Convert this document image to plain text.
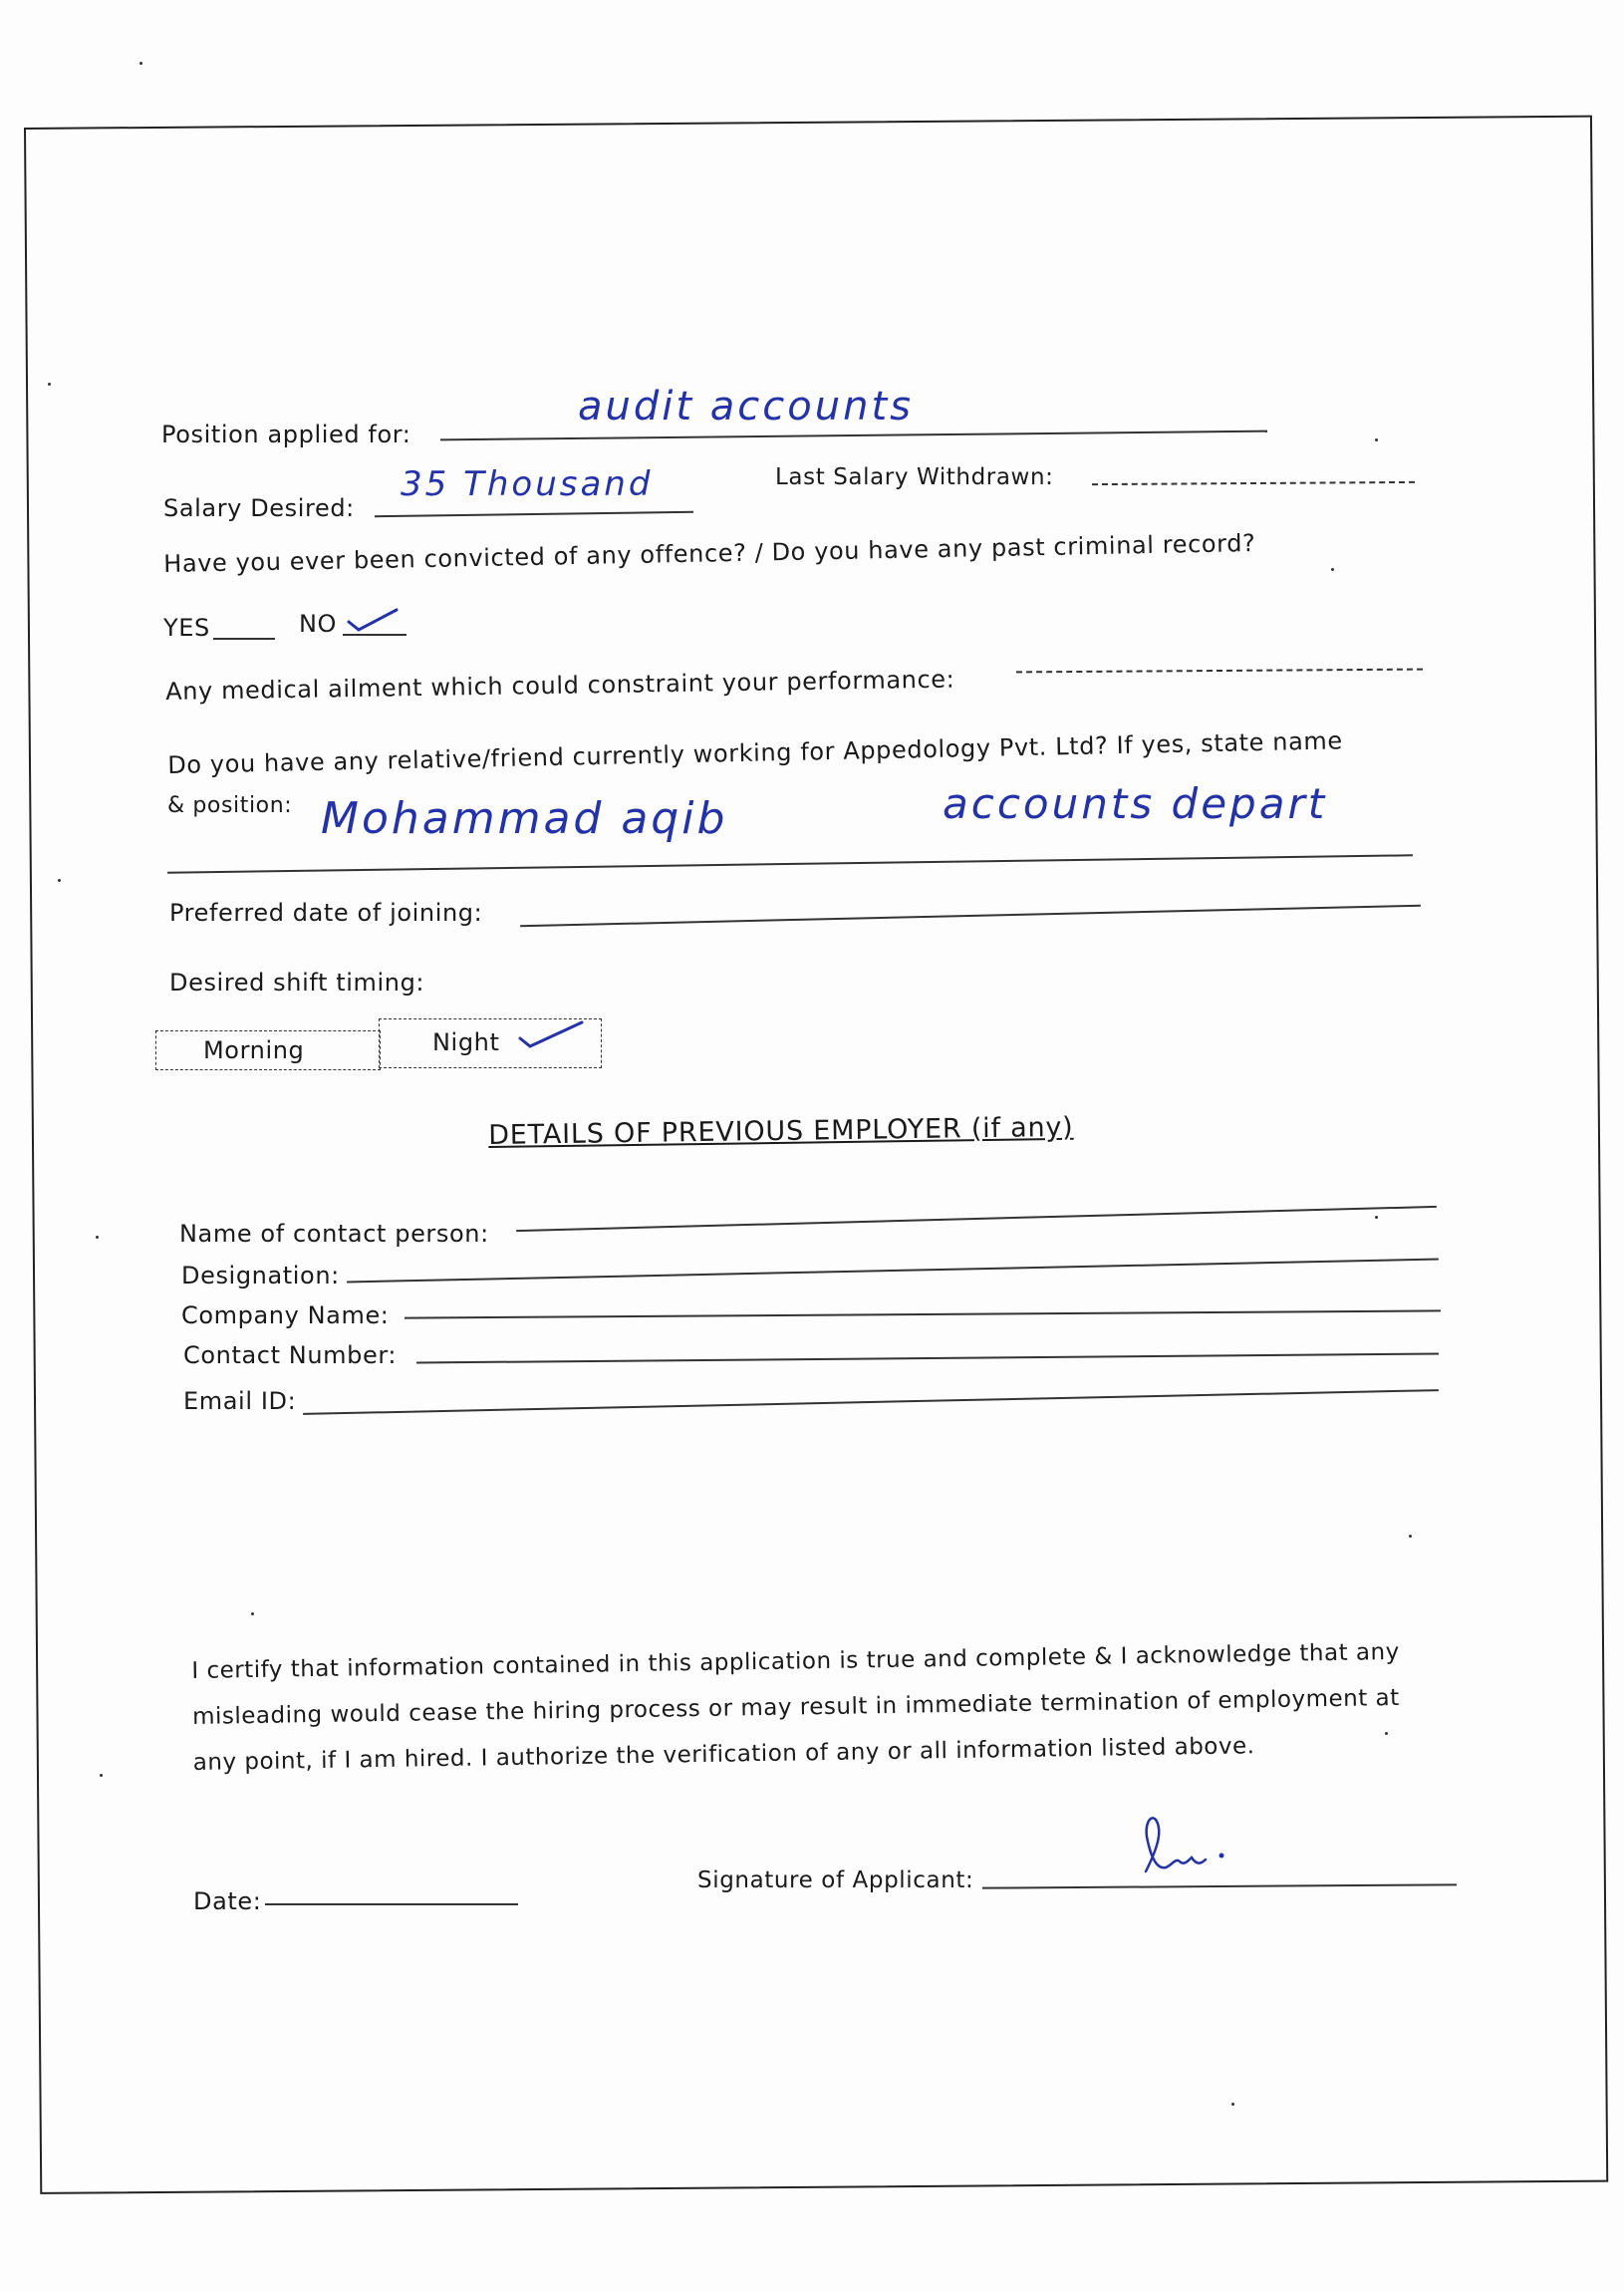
Position applied for:
audit accounts
Salary Desired:
35 Thousand	Last Salary Withdrawn:
Have you ever been convicted of any offence? / Do you have any past criminal record?
YES	NO
Any medical ailment which could constraint your performance:
Do you have any relative/friend currently working for Appedology Pvt. Ltd? If yes, state name
& position: Mohammad aqib	accounts depart
Preferred date of joining:
Desired shift timing:
Morning	Night
DETAILS OF PREVIOUS EMPLOYER (if any)
Name of contact person:
Designation:
Company Name:
Contact Number:
Email ID:
I certify that information contained in this application is true and complete & I acknowledge that any
misleading would cease the hiring process or may result in immediate termination of employment at
any point, if I am hired. I authorize the verification of any or all information listed above.
Date:
Signature of Applicant:
